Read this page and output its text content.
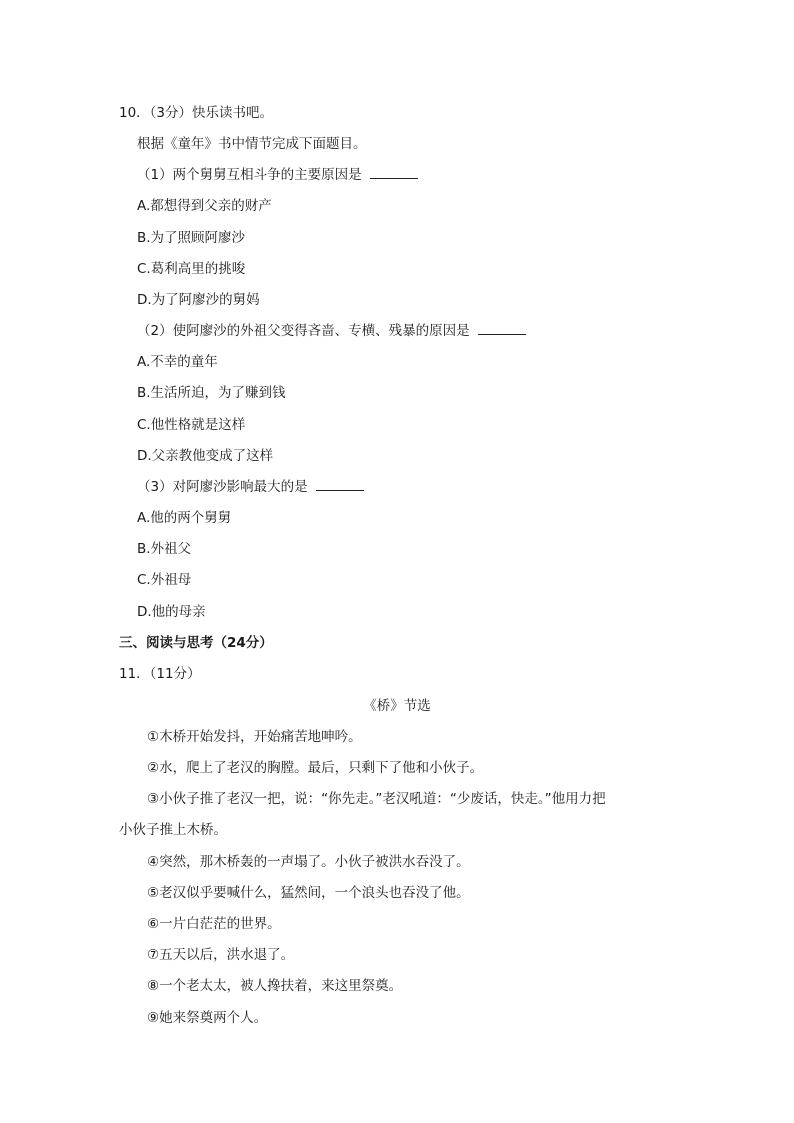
10．（3分）快乐读书吧。
根据《童年》书中情节完成下面题目。
（1）两个舅舅互相斗争的主要原因是
A.都想得到父亲的财产
B.为了照顾阿廖沙
C.葛利高里的挑唆
D.为了阿廖沙的舅妈
（2）使阿廖沙的外祖父变得吝啬、专横、残暴的原因是
A.不幸的童年
B.生活所迫，为了赚到钱
C.他性格就是这样
D.父亲教他变成了这样
（3）对阿廖沙影响最大的是
A.他的两个舅舅
B.外祖父
C.外祖母
D.他的母亲
三、阅读与思考（24分）
11．（11分）
《桥》节选
①木桥开始发抖，开始痛苦地呻吟。
②水，爬上了老汉的胸膛。最后，只剩下了他和小伙子。
③小伙子推了老汉一把，说：“你先走。”老汉吼道：“少废话，快走。”他用力把
小伙子推上木桥。
④突然，那木桥轰的一声塌了。小伙子被洪水吞没了。
⑤老汉似乎要喊什么，猛然间，一个浪头也吞没了他。
⑥一片白茫茫的世界。
⑦五天以后，洪水退了。
⑧一个老太太，被人搀扶着，来这里祭奠。
⑨她来祭奠两个人。
